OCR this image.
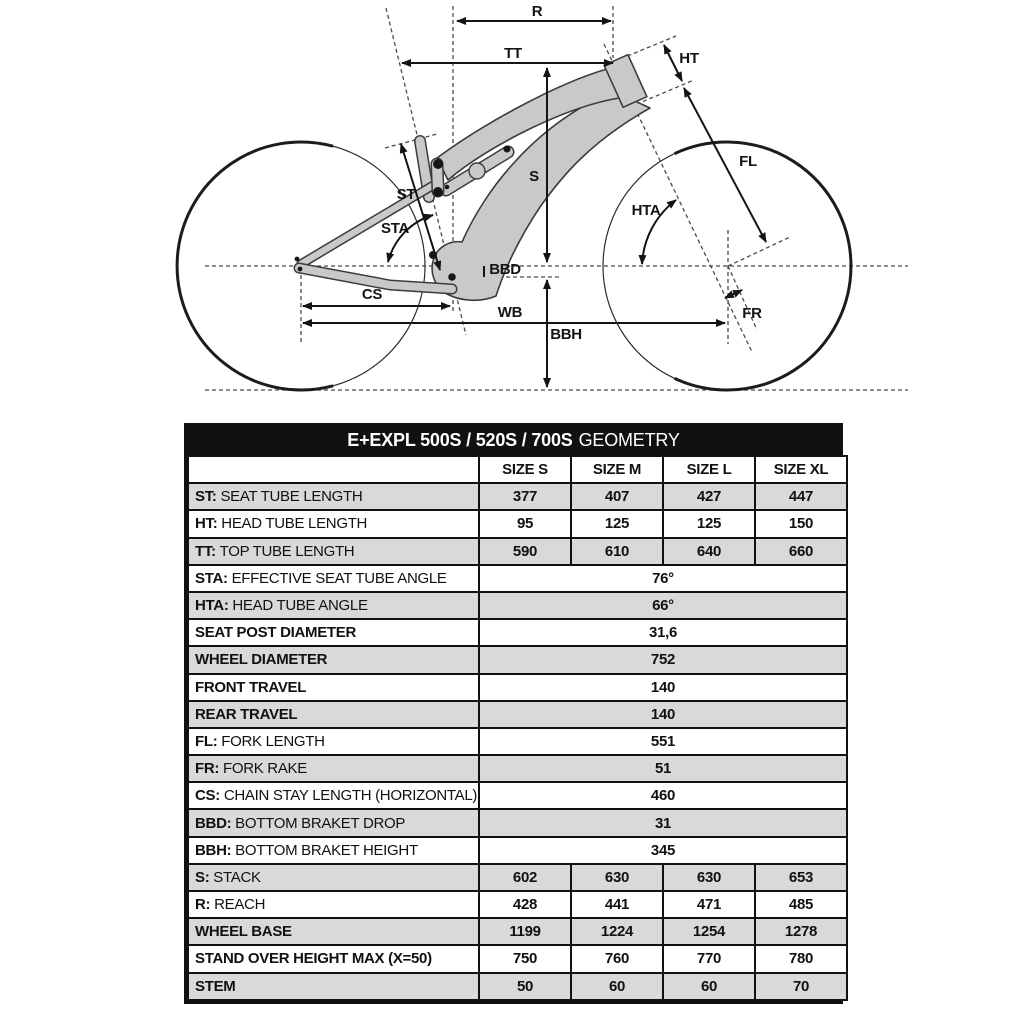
R
TT	HT
S
ST
STA
HTA
FL
FR
BBD
CS
WB
BBH
E+EXPL 500S / 520S / 700S GEOMETRY
	SIZE S	SIZE M	SIZE L	SIZE XL
ST: SEAT TUBE LENGTH	377	407	427	447
HT: HEAD TUBE LENGTH	95	125	125	150
TT: TOP TUBE LENGTH	590	610	640	660
STA: EFFECTIVE SEAT TUBE ANGLE	76°			
HTA: HEAD TUBE ANGLE	66°			
SEAT POST DIAMETER	31,6			
WHEEL DIAMETER	752			
FRONT TRAVEL	140			
REAR TRAVEL	140			
FL: FORK LENGTH	551			
FR: FORK RAKE	51			
CS: CHAIN STAY LENGTH (HORIZONTAL)	460			
BBD: BOTTOM BRAKET DROP	31			
BBH: BOTTOM BRAKET HEIGHT	345			
S: STACK	602	630	630	653
R: REACH	428	441	471	485
WHEEL BASE	1199	1224	1254	1278
STAND OVER HEIGHT MAX (X=50)	750	760	770	780
STEM	50	60	60	70
